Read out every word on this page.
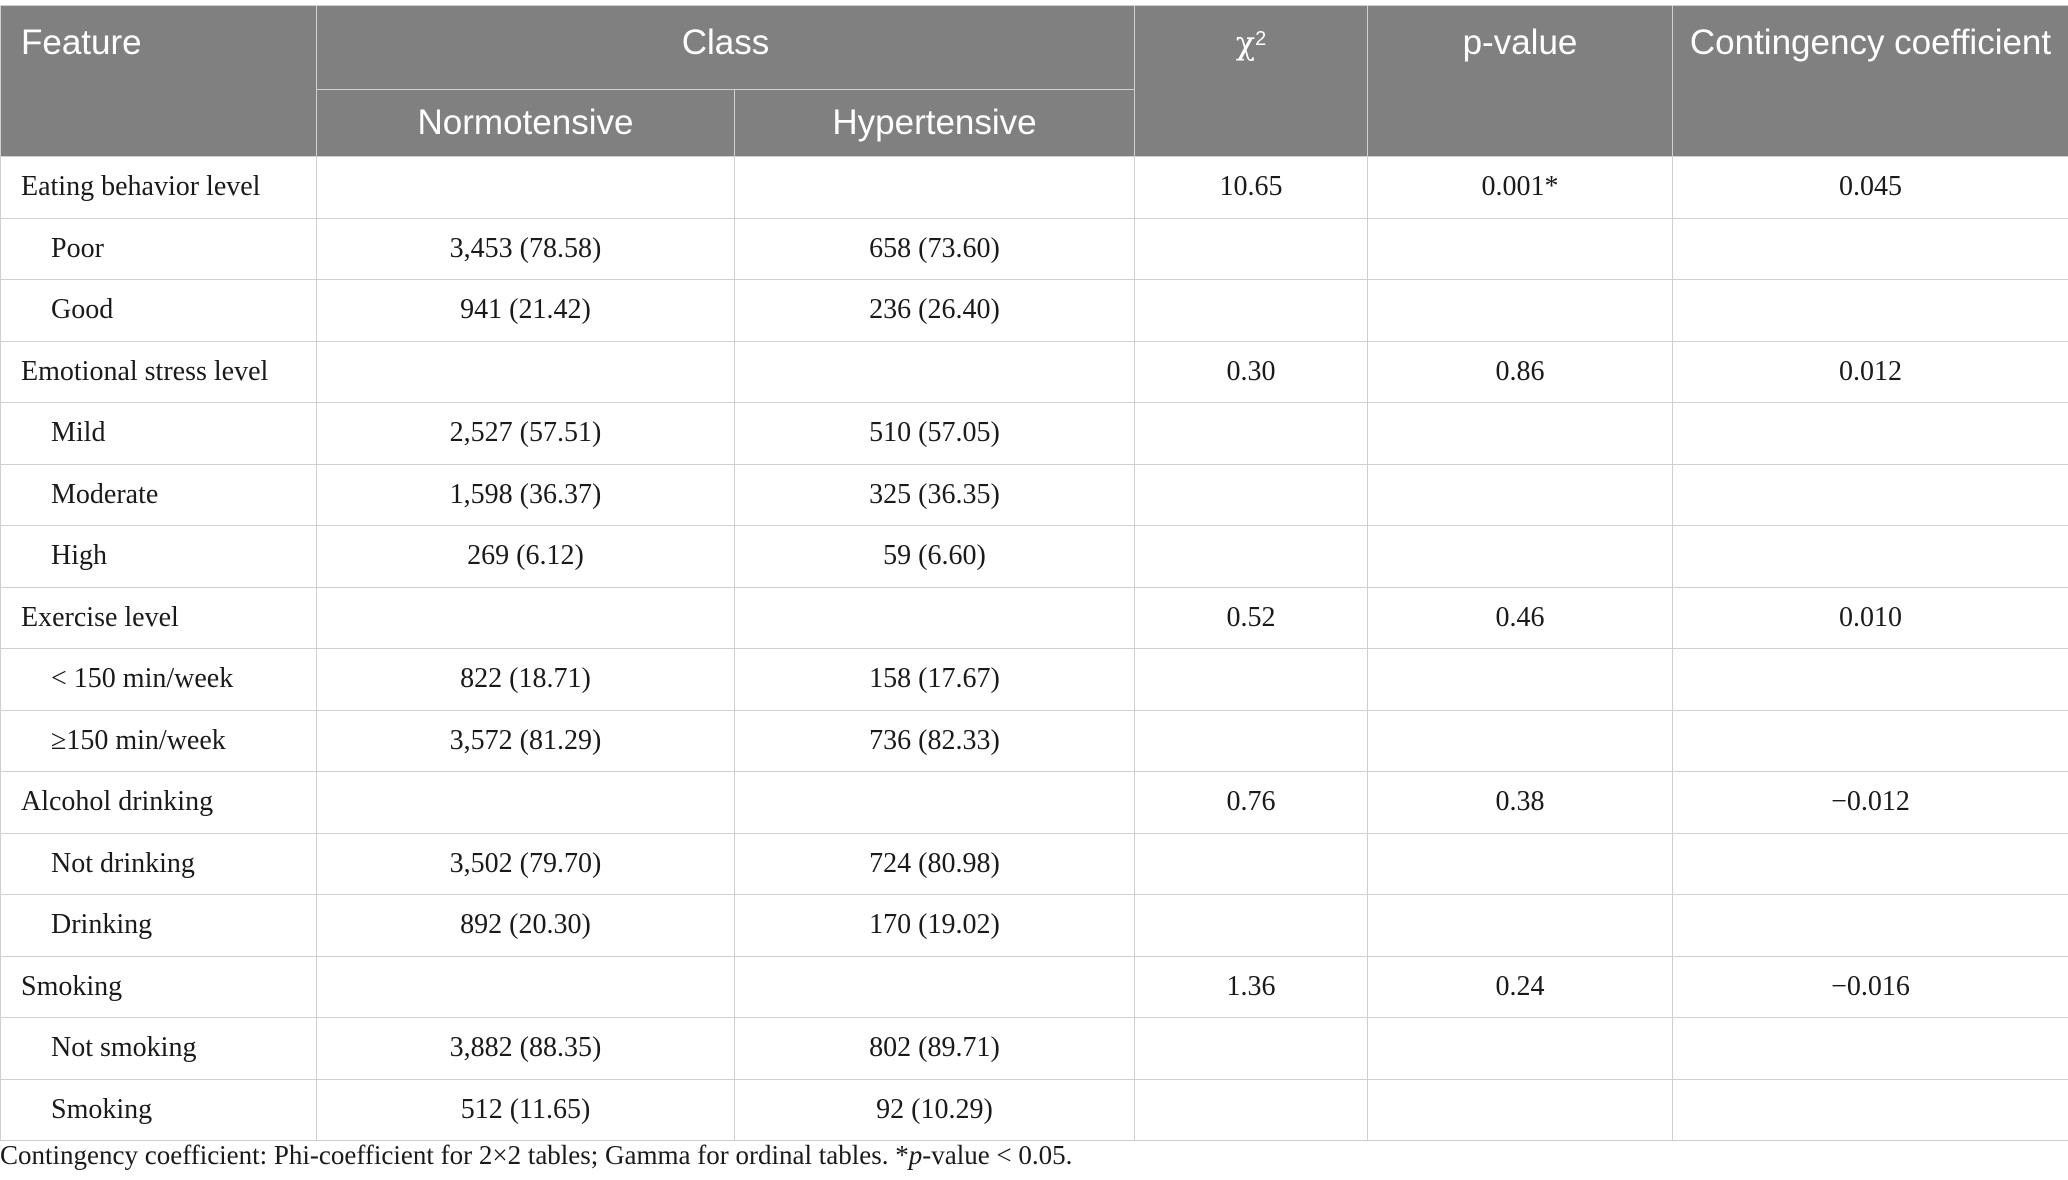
Feature	Class		$\chi^2$	p-value	Contingency coefficient
	Normotensive	Hypertensive			
Eating behavior level			10.65	0.001*	0.045
Poor	3,453 (78.58)	658 (73.60)			
Good	941 (21.42)	236 (26.40)			
Emotional stress level			0.30	0.86	0.012
Mild	2,527 (57.51)	510 (57.05)			
Moderate	1,598 (36.37)	325 (36.35)			
High	269 (6.12)	59 (6.60)			
Exercise level			0.52	0.46	0.010
< 150 min/week	822 (18.71)	158 (17.67)			
≥150 min/week	3,572 (81.29)	736 (82.33)			
Alcohol drinking			0.76	0.38	−0.012
Not drinking	3,502 (79.70)	724 (80.98)			
Drinking	892 (20.30)	170 (19.02)			
Smoking			1.36	0.24	−0.016
Not smoking	3,882 (88.35)	802 (89.71)			
Smoking	512 (11.65)	92 (10.29)			
Contingency coefficient: Phi-coefficient for 2×2 tables; Gamma for ordinal tables. *p-value < 0.05.
